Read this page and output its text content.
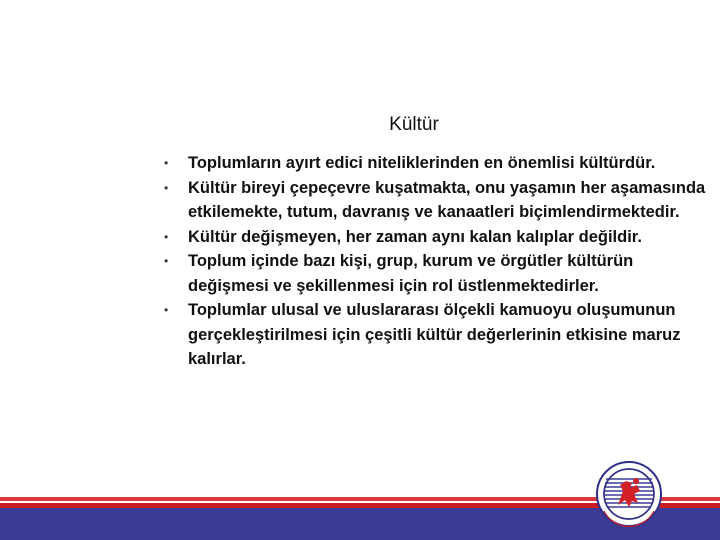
Kültür
• Toplumların ayırt edici niteliklerinden en önemlisi kültürdür.
• Kültür bireyi çepeçevre kuşatmakta, onu yaşamın her aşamasında etkilemekte, tutum, davranış ve kanaatleri biçimlendirmektedir.
• Kültür değişmeyen, her zaman aynı kalan kalıplar değildir.
• Toplum içinde bazı kişi, grup, kurum ve örgütler kültürün değişmesi ve şekillenmesi için rol üstlenmektedirler.
• Toplumlar ulusal ve uluslararası ölçekli kamuoyu oluşumunun gerçekleştirilmesi için çeşitli kültür değerlerinin etkisine maruz kalırlar.
